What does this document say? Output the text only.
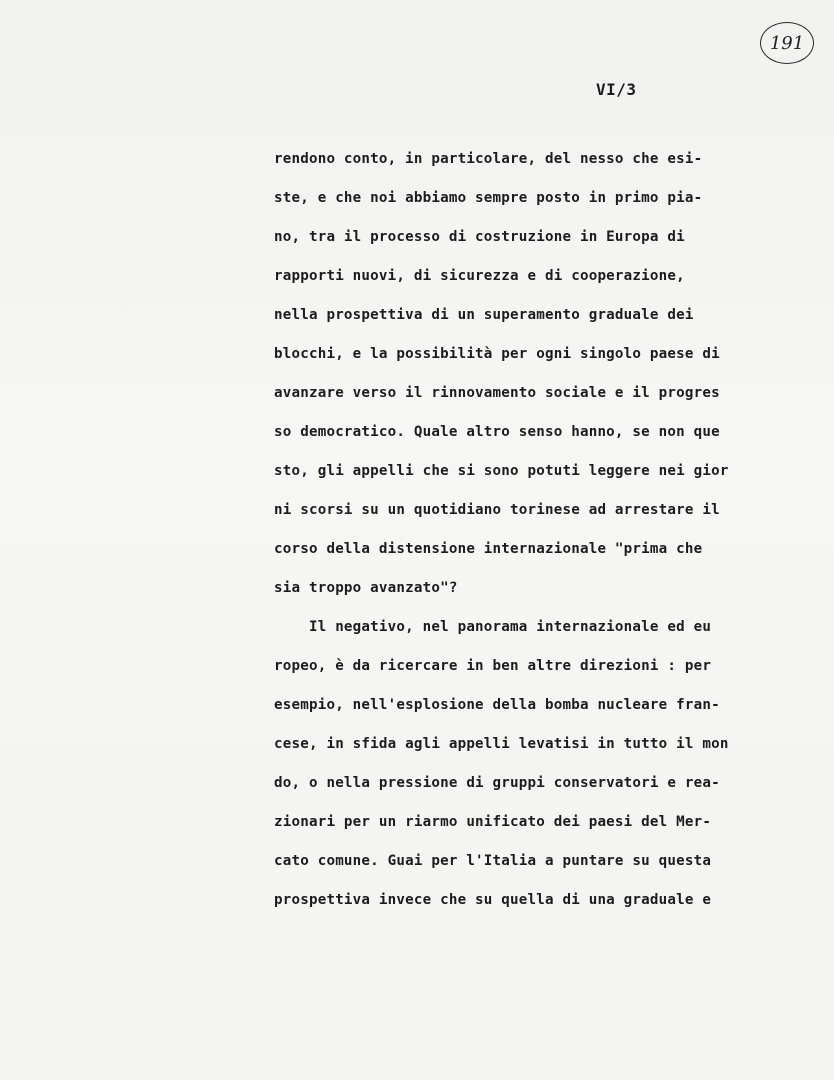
191
VI/3
rendono conto, in particolare, del nesso che esi-
ste, e che noi abbiamo sempre posto in primo pia-
no, tra il processo di costruzione in Europa di
rapporti nuovi, di sicurezza e di cooperazione,
nella prospettiva di un superamento graduale dei
blocchi, e la possibilità per ogni singolo paese di
avanzare verso il rinnovamento sociale e il progres
so democratico. Quale altro senso hanno, se non que
sto, gli appelli che si sono potuti leggere nei gior
ni scorsi su un quotidiano torinese ad arrestare il
corso della distensione internazionale "prima che
sia troppo avanzato"?
Il negativo, nel panorama internazionale ed eu
ropeo, è da ricercare in ben altre direzioni : per
esempio, nell'esplosione della bomba nucleare fran-
cese, in sfida agli appelli levatisi in tutto il mon
do, o nella pressione di gruppi conservatori e rea-
zionari per un riarmo unificato dei paesi del Mer-
cato comune. Guai per l'Italia a puntare su questa
prospettiva invece che su quella di una graduale e
